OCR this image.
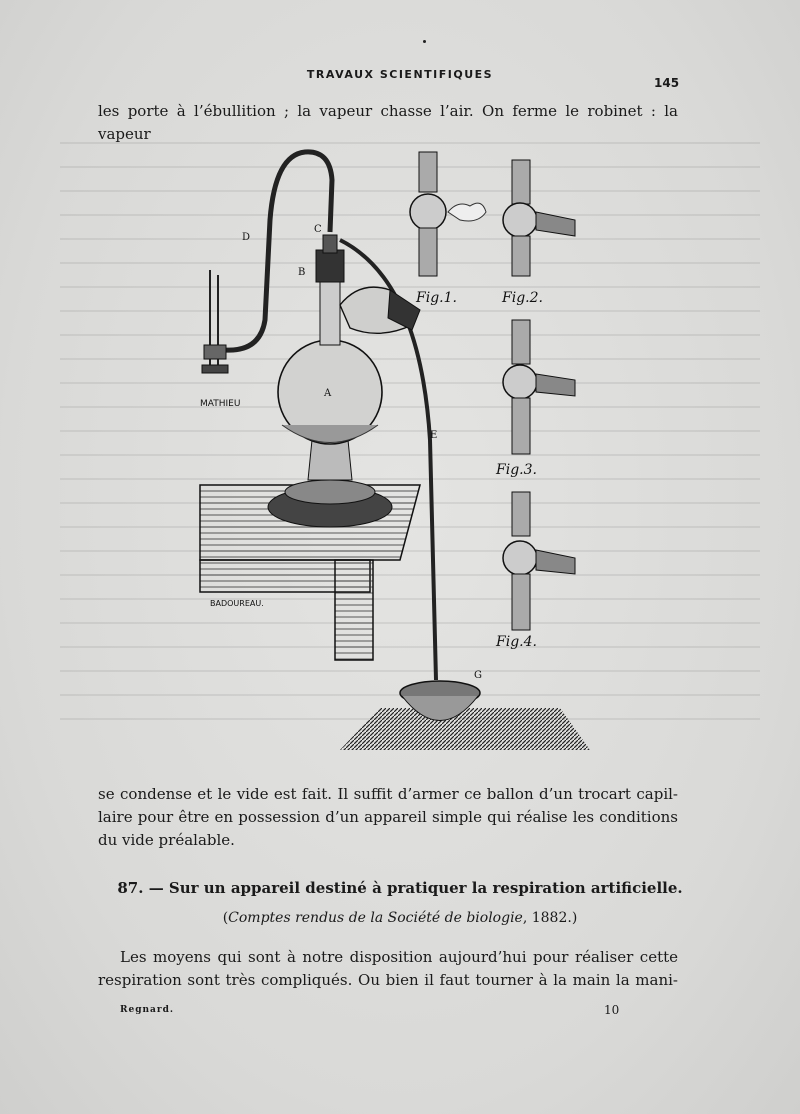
TRAVAUX SCIENTIFIQUES
145
les porte à l’ébullition ; la vapeur chasse l’air. On ferme le robinet : la vapeur
C
D
B
A
E
G
MATHIEU
BADOUREAU.
Fig.1.	Fig.2.
Fig.3.
Fig.4.
se condense et le vide est fait. Il suffit d’armer ce ballon d’un trocart capil-
laire pour être en possession d’un appareil simple qui réalise les conditions
du vide préalable.
87. — Sur un appareil destiné à pratiquer la respiration artificielle.
(Comptes rendus de la Société de biologie, 1882.)
Les moyens qui sont à notre disposition aujourd’hui pour réaliser cette
respiration sont très compliqués. Ou bien il faut tourner à la main la mani-
Regnard.	10
